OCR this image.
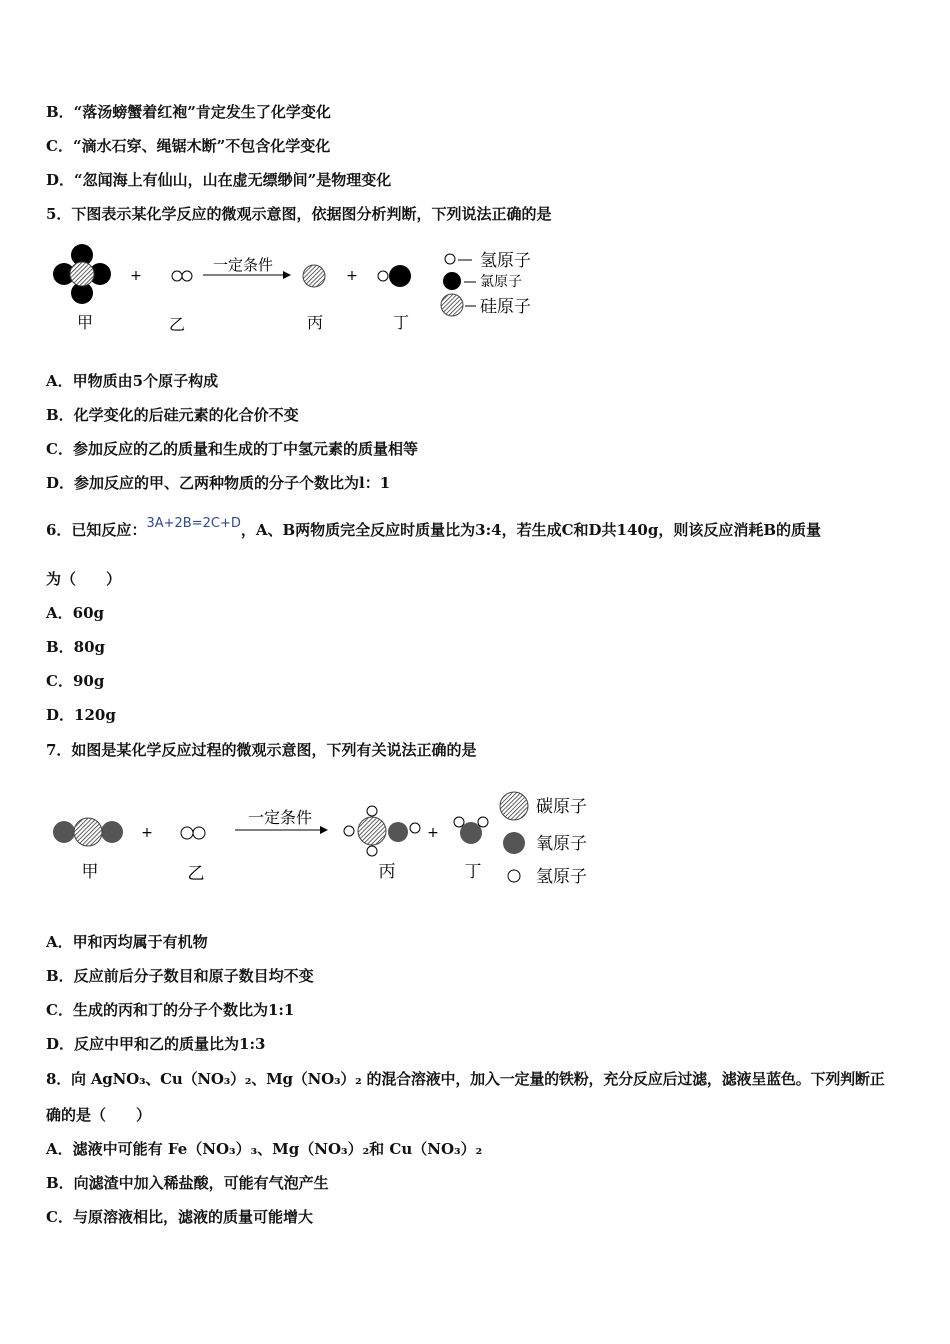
B．“落汤螃蟹着红袍”肯定发生了化学变化
C．“滴水石穿、绳锯木断”不包含化学变化
D．“忽闻海上有仙山，山在虚无缥缈间”是物理变化
5．下图表示某化学反应的微观示意图，依据图分析判断，下列说法正确的是
+
一定条件
+
甲	乙	丙	丁
氢原子
氯原子
硅原子
A．甲物质由5个原子构成
B．化学变化的后硅元素的化合价不变
C．参加反应的乙的质量和生成的丁中氢元素的质量相等
D．参加反应的甲、乙两种物质的分子个数比为l：1
6．已知反应：3A+2B=2C+D，A、B两物质完全反应时质量比为3:4，若生成C和D共140g，则该反应消耗B的质量
为（　　）
A．60g
B．80g
C．90g
D．120g
7．如图是某化学反应过程的微观示意图，下列有关说法正确的是
+
一定条件
+
甲	乙	丙	丁
碳原子
氧原子
氢原子
A．甲和丙均属于有机物
B．反应前后分子数目和原子数目均不变
C．生成的丙和丁的分子个数比为1:1
D．反应中甲和乙的质量比为1:3
8．向 AgNO₃、Cu（NO₃）₂、Mg（NO₃）₂ 的混合溶液中，加入一定量的铁粉，充分反应后过滤，滤液呈蓝色。下列判断正
确的是（　　）
A．滤液中可能有 Fe（NO₃）₃、Mg（NO₃）₂和 Cu（NO₃）₂
B．向滤渣中加入稀盐酸，可能有气泡产生
C．与原溶液相比，滤液的质量可能增大
